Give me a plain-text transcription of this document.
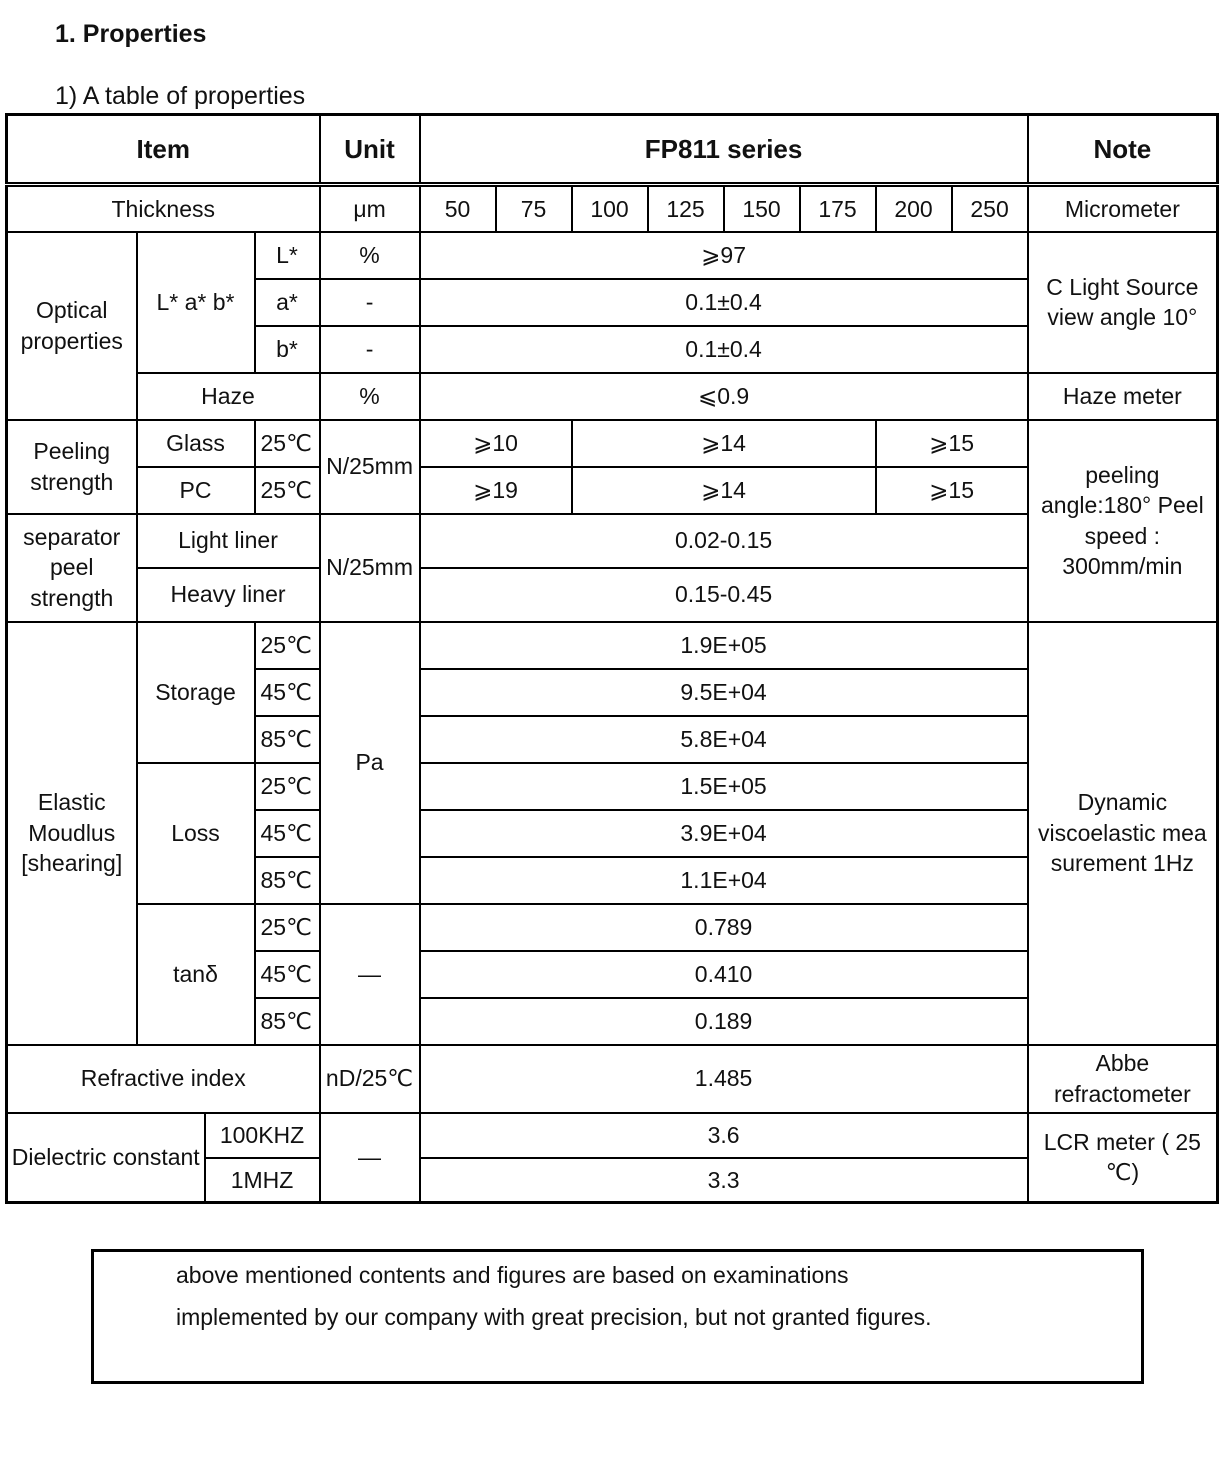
1. Properties
1) A table of properties
Item				Unit	FP811 series								Note
Thickness				μm	50	75	100	125	150	175	200	250	Micrometer
Optical properties	L* a* b*		L*	%	⩾97								C Light Source view angle 10°
			a*	-	0.1±0.4								
			b*	-	0.1±0.4								
	Haze			%	⩽0.9								Haze meter
Peeling strength	Glass		25℃	N/25mm	⩾10		⩾14				⩾15		peeling angle:180° Peel speed : 300mm/min
	PC		25℃		⩾19		⩾14				⩾15		
separator peel strength	Light liner			N/25mm	0.02-0.15								
	Heavy liner				0.15-0.45								
Elastic Moudlus [shearing]	Storage		25℃	Pa	1.9E+05								Dynamic viscoelastic mea surement 1Hz
			45℃		9.5E+04								
			85℃		5.8E+04								
	Loss		25℃		1.5E+05								
			45℃		3.9E+04								
			85℃		1.1E+04								
	tanδ		25℃	—	0.789								
			45℃		0.410								
			85℃		0.189								
Refractive index				nD/25℃	1.485								Abbe refractometer
Dielectric constant		100KHZ		—	3.6								LCR meter ( 25 ℃)
		1MHZ			3.3								
above mentioned contents and figures are based on examinations
implemented by our company with great precision, but not granted figures.
